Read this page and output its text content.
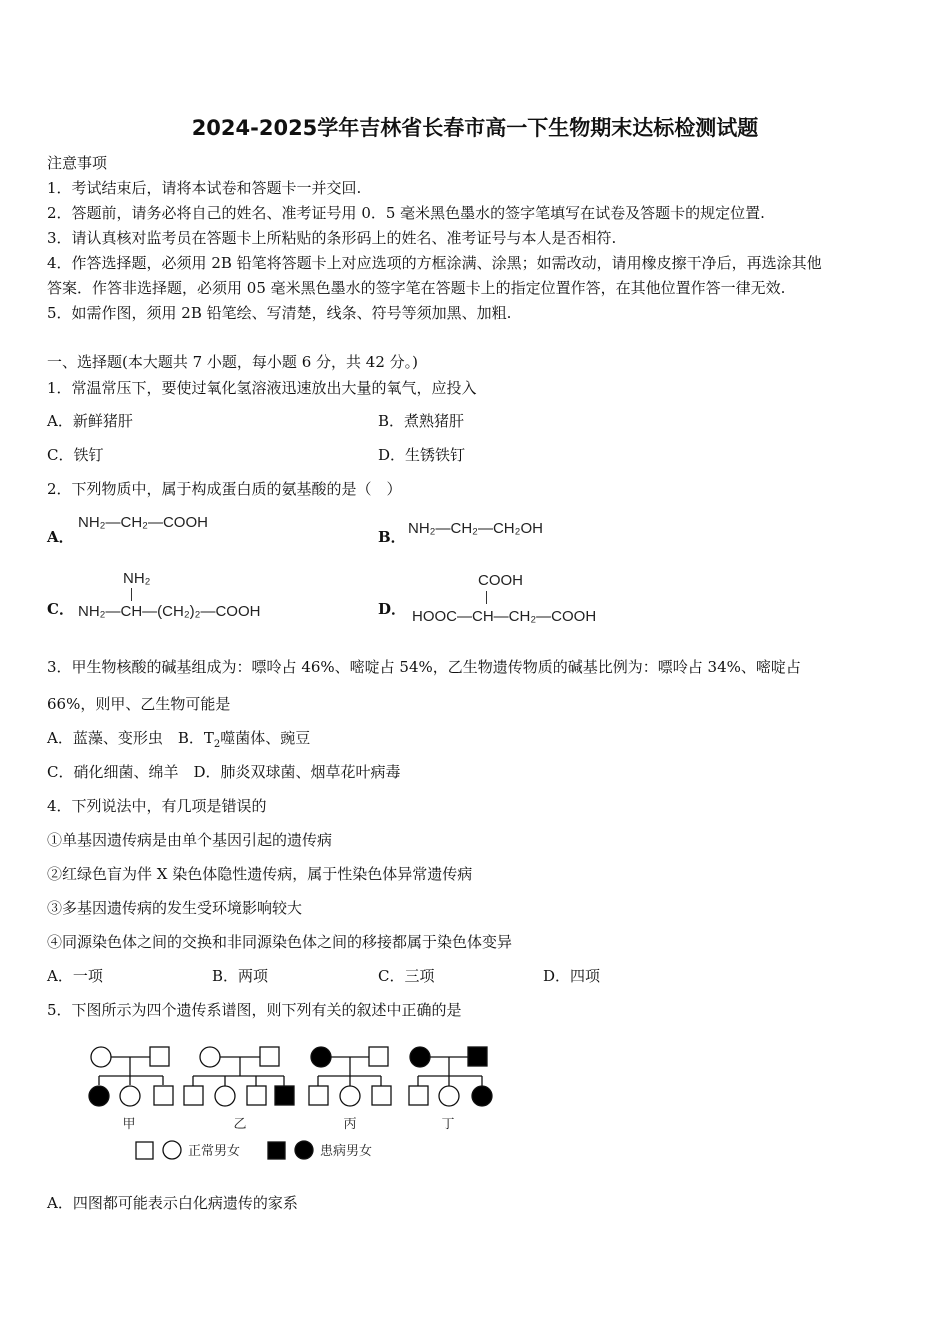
2024-2025学年吉林省长春市高一下生物期末达标检测试题
注意事项
1．考试结束后，请将本试卷和答题卡一并交回.
2．答题前，请务必将自己的姓名、准考证号用 0．5 毫米黑色墨水的签字笔填写在试卷及答题卡的规定位置.
3．请认真核对监考员在答题卡上所粘贴的条形码上的姓名、准考证号与本人是否相符.
4．作答选择题，必须用 2B 铅笔将答题卡上对应选项的方框涂满、涂黑；如需改动，请用橡皮擦干净后，再选涂其他
答案．作答非选择题，必须用 05 毫米黑色墨水的签字笔在答题卡上的指定位置作答，在其他位置作答一律无效.
5．如需作图，须用 2B 铅笔绘、写清楚，线条、符号等须加黑、加粗.
一、选择题(本大题共 7 小题，每小题 6 分，共 42 分。)
1．常温常压下，要使过氧化氢溶液迅速放出大量的氧气，应投入
A．新鲜猪肝	B．煮熟猪肝
C．铁钉	D．生锈铁钉
2．下列物质中，属于构成蛋白质的氨基酸的是（　）
A．
NH₂—CH₂—COOH
B． NH₂—CH₂—CH₂OH
C．
NH₂
NH₂—CH—(CH₂)₂—COOH	D．
COOH
HOOC—CH—CH₂—COOH
3．甲生物核酸的碱基组成为：嘌呤占 46%、嘧啶占 54%，乙生物遗传物质的碱基比例为：嘌呤占 34%、嘧啶占
66%，则甲、乙生物可能是
A．蓝藻、变形虫　B．$T_2$噬菌体、豌豆
C．硝化细菌、绵羊　D．肺炎双球菌、烟草花叶病毒
4．下列说法中，有几项是错误的
①单基因遗传病是由单个基因引起的遗传病
②红绿色盲为伴 X 染色体隐性遗传病，属于性染色体异常遗传病
③多基因遗传病的发生受环境影响较大
④同源染色体之间的交换和非同源染色体之间的移接都属于染色体变异
A．一项	B．两项	C．三项	D．四项
5．下图所示为四个遗传系谱图，则下列有关的叙述中正确的是
甲	乙	丙	丁
正常男女	患病男女
A．四图都可能表示白化病遗传的家系
